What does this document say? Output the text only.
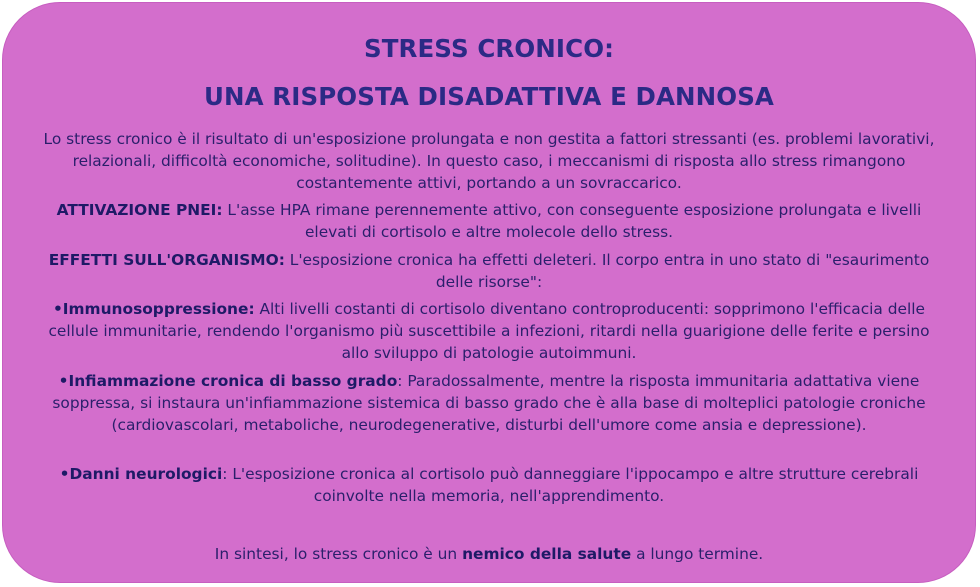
STRESS CRONICO:
UNA RISPOSTA DISADATTIVA E DANNOSA

Lo stress cronico è il risultato di un'esposizione prolungata e non gestita a fattori stressanti (es. problemi lavorativi, relazionali, difficoltà economiche, solitudine). In questo caso, i meccanismi di risposta allo stress rimangono costantemente attivi, portando a un sovraccarico.

ATTIVAZIONE PNEI: L'asse HPA rimane perennemente attivo, con conseguente esposizione prolungata e livelli elevati di cortisolo e altre molecole dello stress.

EFFETTI SULL'ORGANISMO: L'esposizione cronica ha effetti deleteri. Il corpo entra in uno stato di "esaurimento delle risorse":

•Immunosoppressione: Alti livelli costanti di cortisolo diventano controproducenti: sopprimono l'efficacia delle cellule immunitarie, rendendo l'organismo più suscettibile a infezioni, ritardi nella guarigione delle ferite e persino allo sviluppo di patologie autoimmuni.

•Infiammazione cronica di basso grado: Paradossalmente, mentre la risposta immunitaria adattativa viene soppressa, si instaura un'infiammazione sistemica di basso grado che è alla base di molteplici patologie croniche (cardiovascolari, metaboliche, neurodegenerative, disturbi dell'umore come ansia e depressione).

•Danni neurologici: L'esposizione cronica al cortisolo può danneggiare l'ippocampo e altre strutture cerebrali coinvolte nella memoria, nell'apprendimento.

In sintesi, lo stress cronico è un nemico della salute a lungo termine.
